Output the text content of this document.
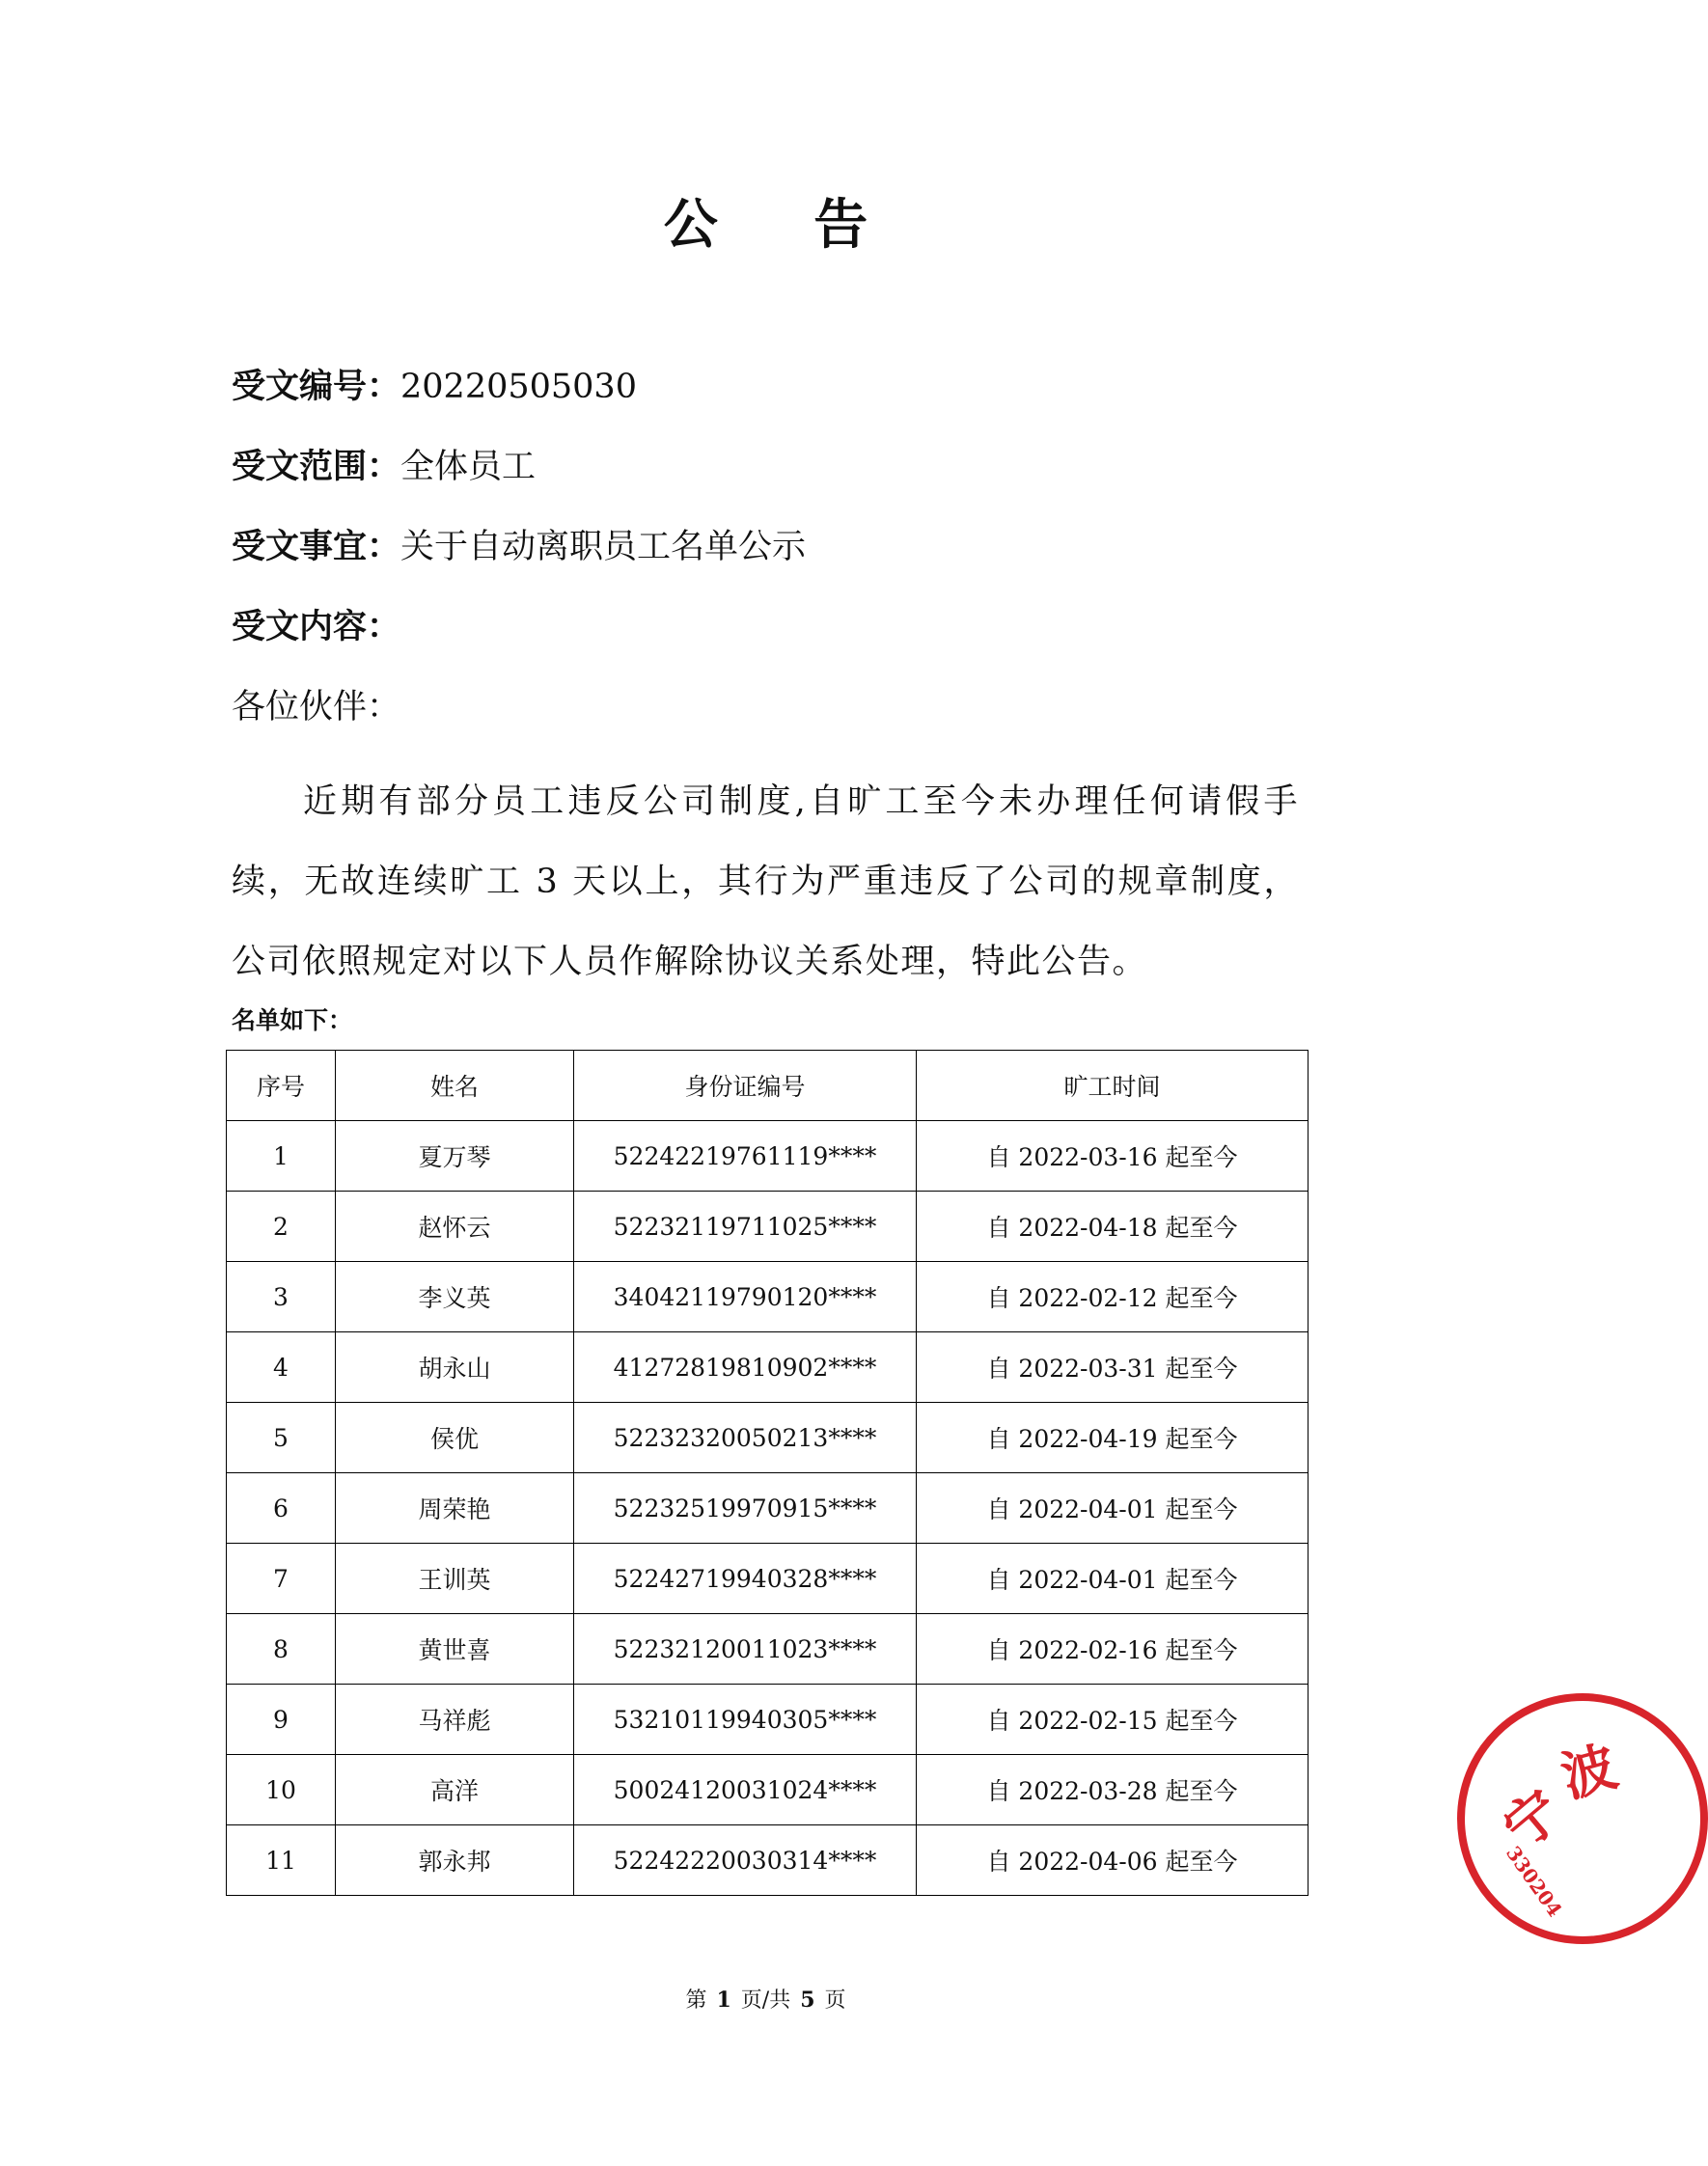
公 告
受文编号：20220505030
受文范围：全体员工
受文事宜：关于自动离职员工名单公示
受文内容：
各位伙伴：
近期有部分员工违反公司制度,自旷工至今未办理任何请假手续，无故连续旷工 3 天以上，其行为严重违反了公司的规章制度，公司依照规定对以下人员作解除协议关系处理，特此公告。
名单如下：
序号	姓名	身份证编号	旷工时间
1	夏万琴	52242219761119****	自 2022-03-16 起至今
2	赵怀云	52232119711025****	自 2022-04-18 起至今
3	李义英	34042119790120****	自 2022-02-12 起至今
4	胡永山	41272819810902****	自 2022-03-31 起至今
5	侯优	52232320050213****	自 2022-04-19 起至今
6	周荣艳	52232519970915****	自 2022-04-01 起至今
7	王训英	52242719940328****	自 2022-04-01 起至今
8	黄世喜	52232120011023****	自 2022-02-16 起至今
9	马祥彪	53210119940305****	自 2022-02-15 起至今
10	高洋	50024120031024****	自 2022-03-28 起至今
11	郭永邦	52242220030314****	自 2022-04-06 起至今
第 1 页/共 5 页
宁
波
330204
